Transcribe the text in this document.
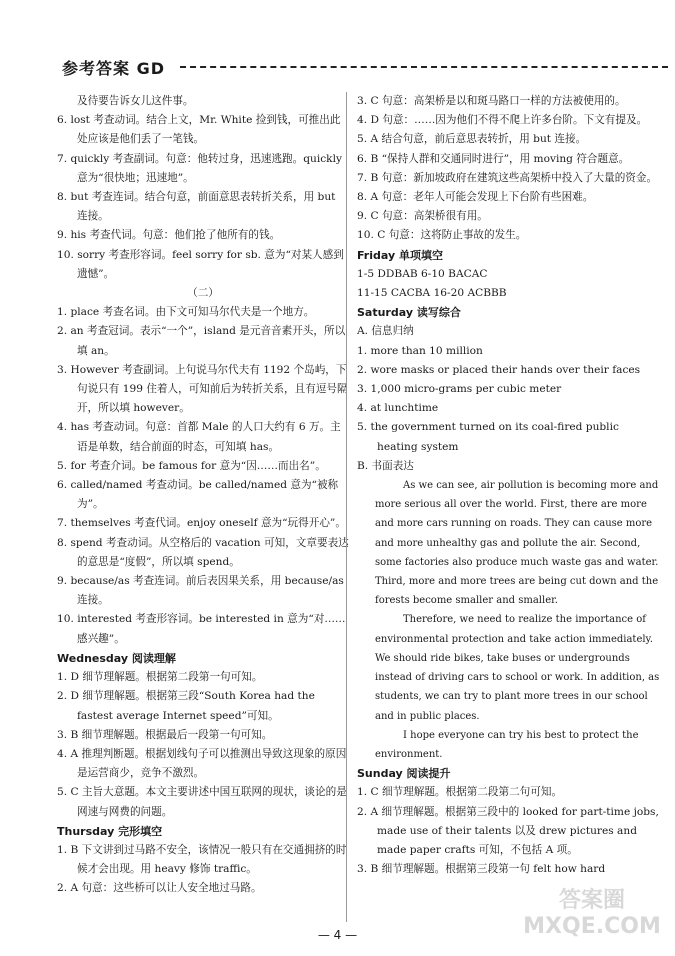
参考答案 GD

及待要告诉女儿这件事。

6. lost 考查动词。结合上文，Mr. White 捡到钱，可推出此处应该是他们丢了一笔钱。

7. quickly 考查副词。句意：他转过身，迅速逃跑。quickly 意为“很快地；迅速地”。

8. but 考查连词。结合句意，前面意思表转折关系，用 but 连接。

9. his 考查代词。句意：他们抢了他所有的钱。

10. sorry 考查形容词。feel sorry for sb. 意为“对某人感到遗憾”。

（二）

1. place 考查名词。由下文可知马尔代夫是一个地方。

2. an 考查冠词。表示“一个”，island 是元音音素开头，所以填 an。

3. However 考查副词。上句说马尔代夫有 1192 个岛屿，下句说只有 199 住着人，可知前后为转折关系，且有逗号隔开，所以填 however。

4. has 考查动词。句意：首都 Male 的人口大约有 6 万。主语是单数，结合前面的时态，可知填 has。

5. for 考查介词。be famous for 意为“因……而出名”。

6. called/named 考查动词。be called/named 意为“被称为”。

7. themselves 考查代词。enjoy oneself 意为“玩得开心”。

8. spend 考查动词。从空格后的 vacation 可知，文章要表达的意思是“度假”，所以填 spend。

9. because/as 考查连词。前后表因果关系，用 because/as 连接。

10. interested 考查形容词。be interested in 意为“对……感兴趣”。

Wednesday 阅读理解

1. D 细节理解题。根据第二段第一句可知。

2. D 细节理解题。根据第三段“South Korea had the fastest average Internet speed”可知。

3. B 细节理解题。根据最后一段第一句可知。

4. A 推理判断题。根据划线句子可以推测出导致这现象的原因是运营商少，竞争不激烈。

5. C 主旨大意题。本文主要讲述中国互联网的现状，谈论的是网速与网费的问题。

Thursday 完形填空

1. B 下文讲到过马路不安全，该情况一般只有在交通拥挤的时候才会出现。用 heavy 修饰 traffic。

2. A 句意：这些桥可以让人安全地过马路。

3. C 句意：高架桥是以和斑马路口一样的方法被使用的。

4. D 句意：……因为他们不得不爬上许多台阶。下文有提及。

5. A 结合句意，前后意思表转折，用 but 连接。

6. B “保持人群和交通同时进行”，用 moving 符合题意。

7. B 句意：新加坡政府在建筑这些高架桥中投入了大量的资金。

8. A 句意：老年人可能会发现上下台阶有些困难。

9. C 句意：高架桥很有用。

10. C 句意：这将防止事故的发生。

Friday 单项填空

1-5 DDBAB 6-10 BACAC

11-15 CACBA 16-20 ACBBB

Saturday 读写综合

A. 信息归纳

1. more than 10 million

2. wore masks or placed their hands over their faces

3. 1,000 micro-grams per cubic meter

4. at lunchtime

5. the government turned on its coal-fired public heating system

B. 书面表达

As we can see, air pollution is becoming more and more serious all over the world. First, there are more and more cars running on roads. They can cause more and more unhealthy gas and pollute the air. Second, some factories also produce much waste gas and water. Third, more and more trees are being cut down and the forests become smaller and smaller.

Therefore, we need to realize the importance of environmental protection and take action immediately. We should ride bikes, take buses or undergrounds instead of driving cars to school or work. In addition, as students, we can try to plant more trees in our school and in public places.

I hope everyone can try his best to protect the environment.

Sunday 阅读提升

1. C 细节理解题。根据第二段第二句可知。

2. A 细节理解题。根据第三段中的 looked for part-time jobs, made use of their talents 以及 drew pictures and made paper crafts 可知，不包括 A 项。

3. B 细节理解题。根据第三段第一句 felt how hard

— 4 —
答案圈
MXQE.COM
